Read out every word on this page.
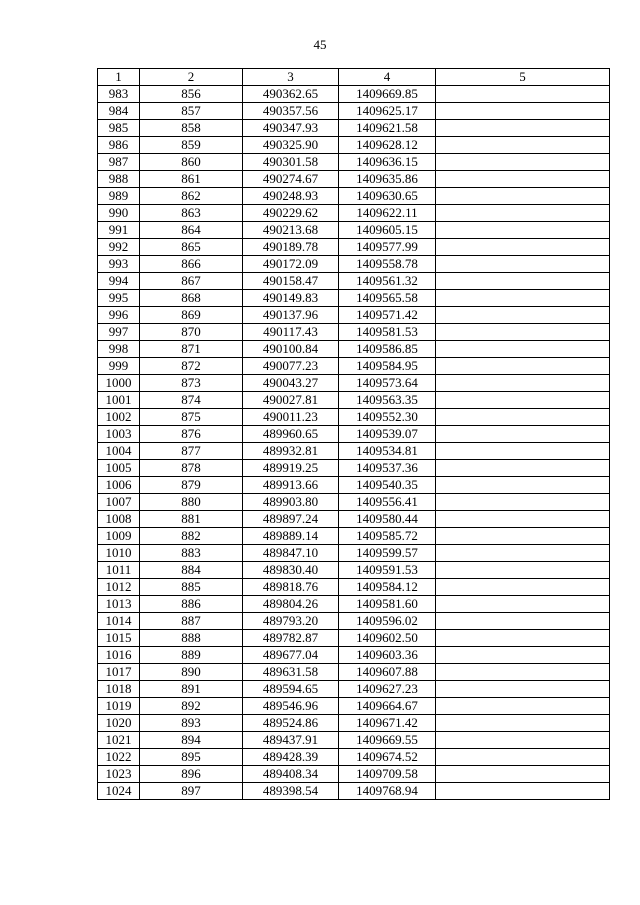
45
1	2	3	4	5
983	856	490362.65	1409669.85	
984	857	490357.56	1409625.17	
985	858	490347.93	1409621.58	
986	859	490325.90	1409628.12	
987	860	490301.58	1409636.15	
988	861	490274.67	1409635.86	
989	862	490248.93	1409630.65	
990	863	490229.62	1409622.11	
991	864	490213.68	1409605.15	
992	865	490189.78	1409577.99	
993	866	490172.09	1409558.78	
994	867	490158.47	1409561.32	
995	868	490149.83	1409565.58	
996	869	490137.96	1409571.42	
997	870	490117.43	1409581.53	
998	871	490100.84	1409586.85	
999	872	490077.23	1409584.95	
1000	873	490043.27	1409573.64	
1001	874	490027.81	1409563.35	
1002	875	490011.23	1409552.30	
1003	876	489960.65	1409539.07	
1004	877	489932.81	1409534.81	
1005	878	489919.25	1409537.36	
1006	879	489913.66	1409540.35	
1007	880	489903.80	1409556.41	
1008	881	489897.24	1409580.44	
1009	882	489889.14	1409585.72	
1010	883	489847.10	1409599.57	
1011	884	489830.40	1409591.53	
1012	885	489818.76	1409584.12	
1013	886	489804.26	1409581.60	
1014	887	489793.20	1409596.02	
1015	888	489782.87	1409602.50	
1016	889	489677.04	1409603.36	
1017	890	489631.58	1409607.88	
1018	891	489594.65	1409627.23	
1019	892	489546.96	1409664.67	
1020	893	489524.86	1409671.42	
1021	894	489437.91	1409669.55	
1022	895	489428.39	1409674.52	
1023	896	489408.34	1409709.58	
1024	897	489398.54	1409768.94	
